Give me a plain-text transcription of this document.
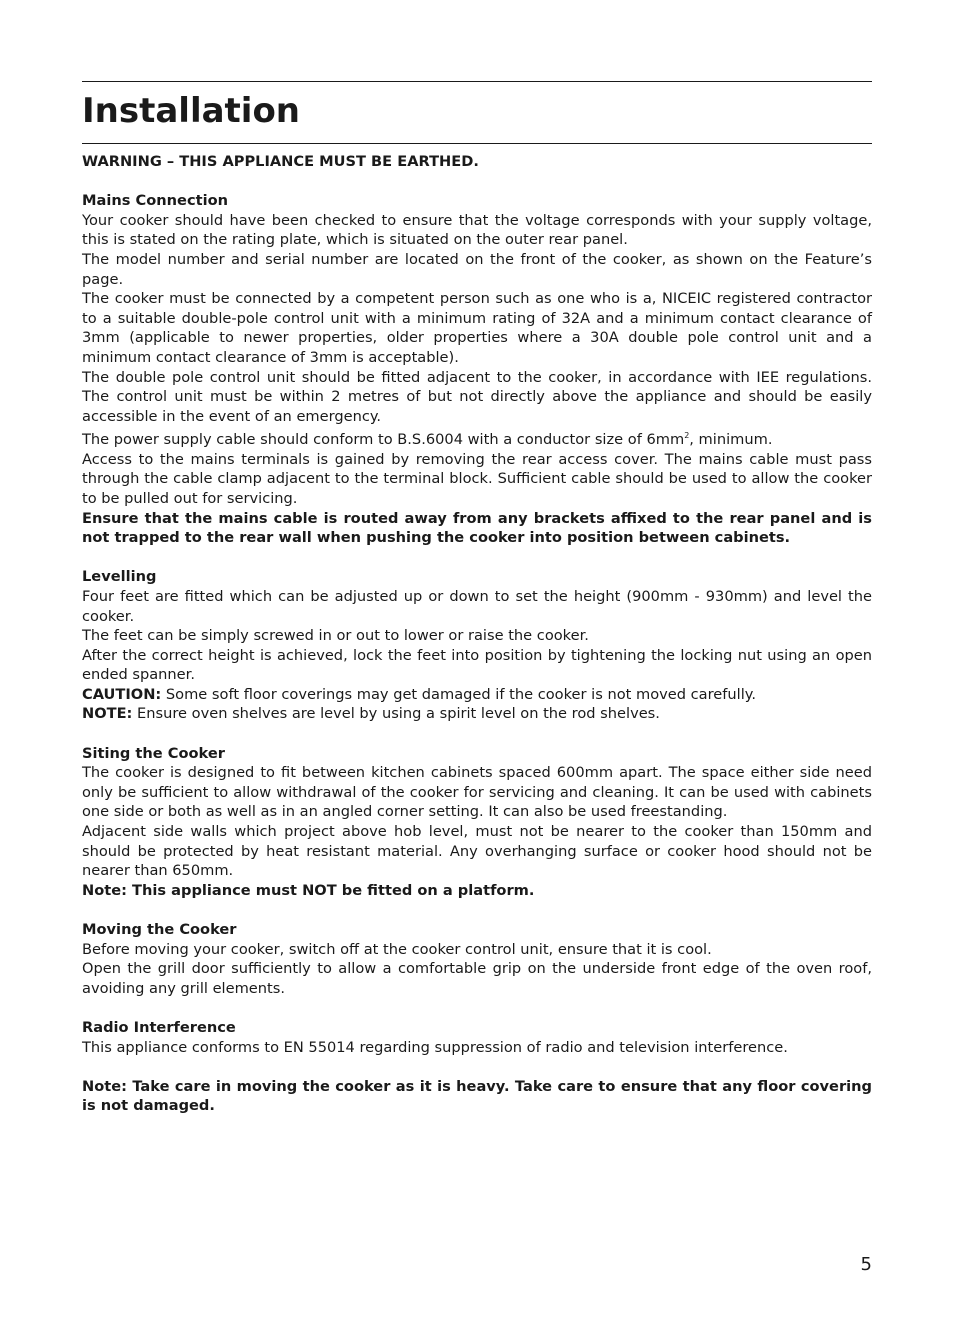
Installation

WARNING – THIS APPLIANCE MUST BE EARTHED.

Mains Connection

Your cooker should have been checked to ensure that the voltage corresponds with your supply voltage, this is stated on the rating plate, which is situated on the outer rear panel.

The model number and serial number are located on the front of the cooker, as shown on the Feature’s page.

The cooker must be connected by a competent person such as one who is a, NICEIC registered contractor to a suitable double-pole control unit with a minimum rating of 32A and a minimum contact clearance of 3mm (applicable to newer properties, older properties where a 30A double pole control unit and a minimum contact clearance of 3mm is acceptable).

The double pole control unit should be fitted adjacent to the cooker, in accordance with IEE regulations. The control unit must be within 2 metres of but not directly above the appliance and should be easily accessible in the event of an emergency.

The power supply cable should conform to B.S.6004 with a conductor size of $6mm^2$, minimum.

Access to the mains terminals is gained by removing the rear access cover. The mains cable must pass through the cable clamp adjacent to the terminal block. Sufficient cable should be used to allow the cooker to be pulled out for servicing.

Ensure that the mains cable is routed away from any brackets affixed to the rear panel and is not trapped to the rear wall when pushing the cooker into position between cabinets.

Levelling

Four feet are fitted which can be adjusted up or down to set the height (900mm - 930mm) and level the cooker.

The feet can be simply screwed in or out to lower or raise the cooker.

After the correct height is achieved, lock the feet into position by tightening the locking nut using an open ended spanner.

CAUTION: Some soft floor coverings may get damaged if the cooker is not moved carefully.

NOTE: Ensure oven shelves are level by using a spirit level on the rod shelves.

Siting the Cooker

The cooker is designed to fit between kitchen cabinets spaced 600mm apart. The space either side need only be sufficient to allow withdrawal of the cooker for servicing and cleaning. It can be used with cabinets one side or both as well as in an angled corner setting. It can also be used freestanding.

Adjacent side walls which project above hob level, must not be nearer to the cooker than 150mm and should be protected by heat resistant material. Any overhanging surface or cooker hood should not be nearer than 650mm.

Note: This appliance must NOT be fitted on a platform.

Moving the Cooker

Before moving your cooker, switch off at the cooker control unit, ensure that it is cool.

Open the grill door sufficiently to allow a comfortable grip on the underside front edge of the oven roof, avoiding any grill elements.

Radio Interference

This appliance conforms to EN 55014 regarding suppression of radio and television interference.

Note: Take care in moving the cooker as it is heavy. Take care to ensure that any floor covering is not damaged.

5
